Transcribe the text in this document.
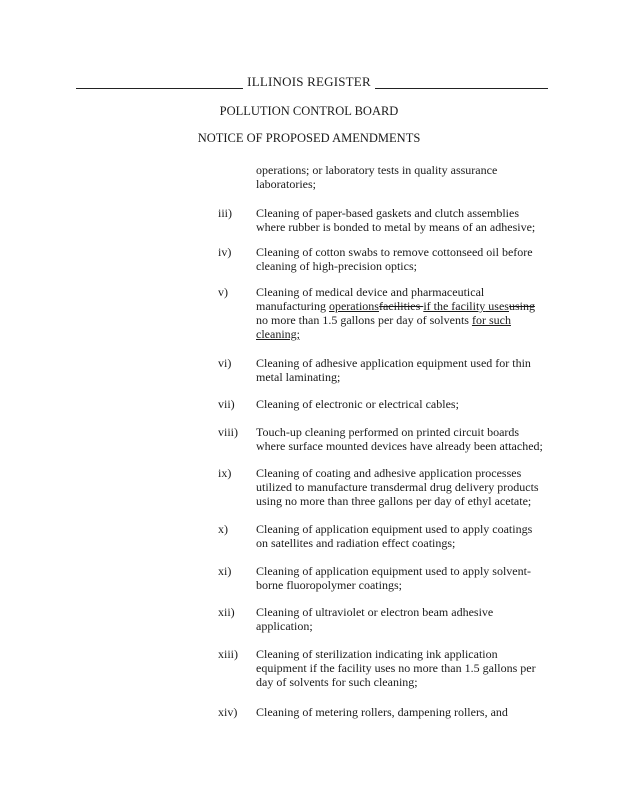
ILLINOIS REGISTER
POLLUTION CONTROL BOARD
NOTICE OF PROPOSED AMENDMENTS
operations; or laboratory tests in quality assurance
laboratories;
iii) Cleaning of paper-based gaskets and clutch assemblies
where rubber is bonded to metal by means of an adhesive;
iv) Cleaning of cotton swabs to remove cottonseed oil before
cleaning of high-precision optics;
v) Cleaning of medical device and pharmaceutical
manufacturing operationsfacilities if the facility usesusing
no more than 1.5 gallons per day of solvents for such
cleaning;
vi) Cleaning of adhesive application equipment used for thin
metal laminating;
vii) Cleaning of electronic or electrical cables;
viii) Touch-up cleaning performed on printed circuit boards
where surface mounted devices have already been attached;
ix) Cleaning of coating and adhesive application processes
utilized to manufacture transdermal drug delivery products
using no more than three gallons per day of ethyl acetate;
x) Cleaning of application equipment used to apply coatings
on satellites and radiation effect coatings;
xi) Cleaning of application equipment used to apply solvent-
borne fluoropolymer coatings;
xii) Cleaning of ultraviolet or electron beam adhesive
application;
xiii) Cleaning of sterilization indicating ink application
equipment if the facility uses no more than 1.5 gallons per
day of solvents for such cleaning;
xiv) Cleaning of metering rollers, dampening rollers, and
